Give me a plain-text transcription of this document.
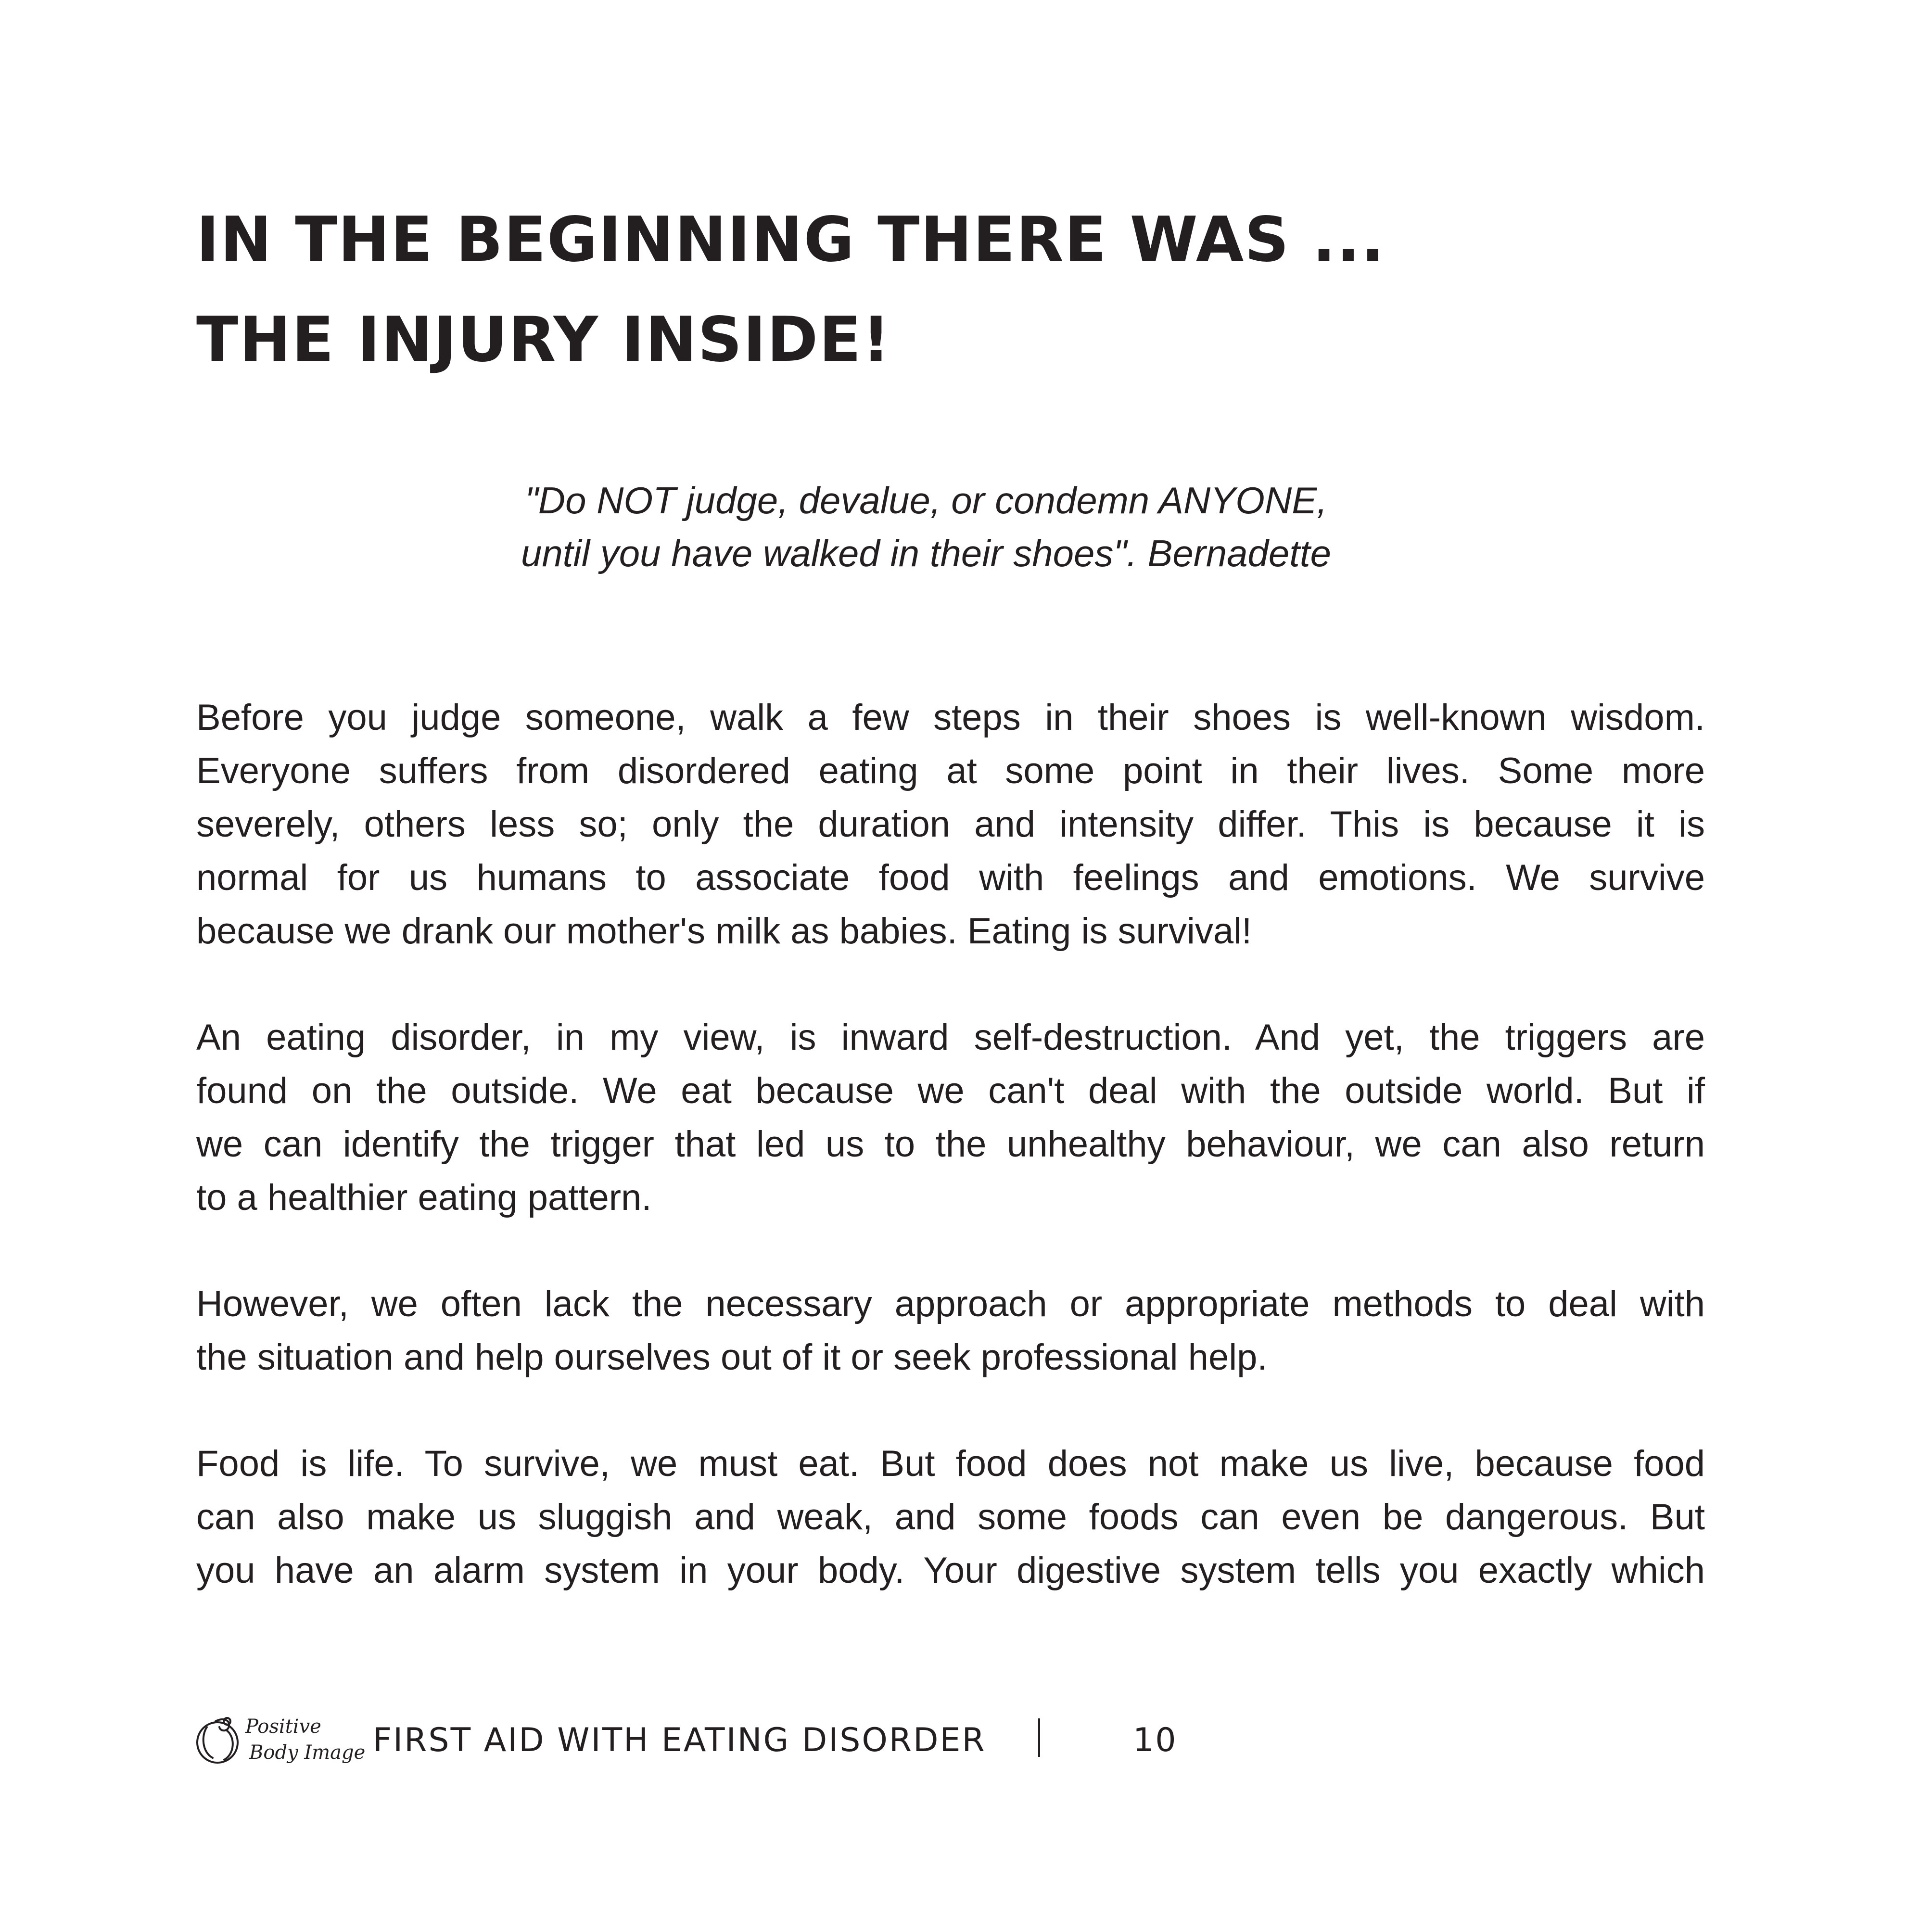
IN THE BEGINNING THERE WAS ...
THE INJURY INSIDE!
"Do NOT judge, devalue, or condemn ANYONE,
until you have walked in their shoes". Bernadette

Before you judge someone, walk a few steps in their shoes is well-known wisdom.
Everyone suffers from disordered eating at some point in their lives. Some more
severely, others less so; only the duration and intensity differ. This is because it is
normal for us humans to associate food with feelings and emotions. We survive
because we drank our mother's milk as babies. Eating is survival!

An eating disorder, in my view, is inward self-destruction. And yet, the triggers are
found on the outside. We eat because we can't deal with the outside world. But if
we can identify the trigger that led us to the unhealthy behaviour, we can also return
to a healthier eating pattern.

However, we often lack the necessary approach or appropriate methods to deal with
the situation and help ourselves out of it or seek professional help.

Food is life. To survive, we must eat. But food does not make us live, because food
can also make us sluggish and weak, and some foods can even be dangerous. But
you have an alarm system in your body. Your digestive system tells you exactly which

Positive
Body Image FIRST AID WITH EATING DISORDER	10
